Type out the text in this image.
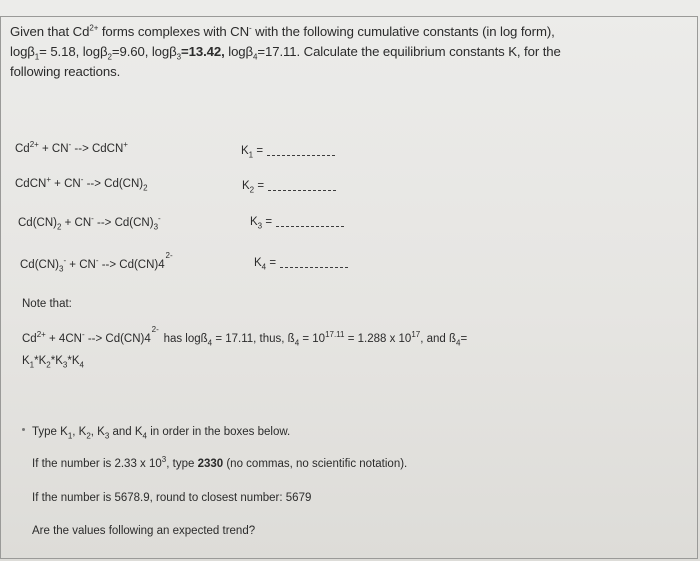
Given that $Cd^{2+}$ forms complexes with CN- with the following cumulative constants (in log form),
logβ$_1$= 5.18, logβ$_2$=9.60, logβ$_3$=13.42, logβ$_4$=17.11. Calculate the equilibrium constants K, for the
following reactions.
$Cd^{2+} + CN^-$ --> CdCN+
$K_1$ =
CdCN+ + CN- --> $Cd(CN)_2$	$K_2$ =
$Cd(CN)_2 + CN^-$ --> $Cd(CN)_3^-$	$K_3$ =
$Cd(CN)_3^- + CN^-$ --> Cd(CN)4
2-
$K_4$ =
Note that:
$Cd^{2+} + 4CN^-$ --> Cd(CN)4
2-
has logß$_4$ = 17.11, thus, $ß_4 = 10^{17.11} = 1.288$ x $10^{17}$, and $ß_4=$
$K_1*K_2*K_3*K_4$
Type $K_1$, $K_2$, $K_3$ and $K_4$ in order in the boxes below.
If the number is 2.33 x $10^3$, type 2330 (no commas, no scientific notation).
If the number is 5678.9, round to closest number: 5679
Are the values following an expected trend?
